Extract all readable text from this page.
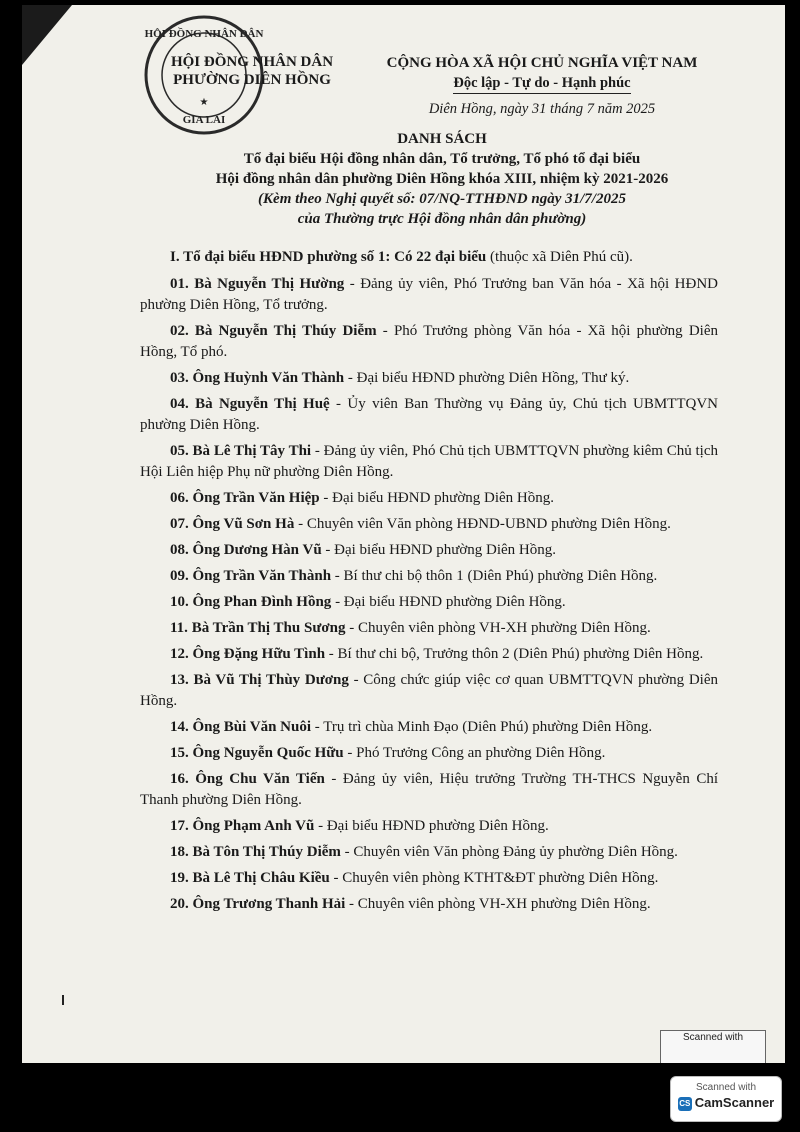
HỘI ĐỒNG NHÂN DÂN
GIA LAI
★
HỘI ĐỒNG NHÂN DÂN
PHƯỜNG DIÊN HỒNG
CỘNG HÒA XÃ HỘI CHỦ NGHĨA VIỆT NAM
Độc lập - Tự do - Hạnh phúc
Diên Hồng, ngày 31 tháng 7 năm 2025
DANH SÁCH
Tổ đại biểu Hội đồng nhân dân, Tổ trưởng, Tổ phó tổ đại biểu
Hội đồng nhân dân phường Diên Hồng khóa XIII, nhiệm kỳ 2021-2026
(Kèm theo Nghị quyết số: 07/NQ-TTHĐND ngày 31/7/2025
của Thường trực Hội đồng nhân dân phường)

I. Tổ đại biểu HĐND phường số 1: Có 22 đại biểu (thuộc xã Diên Phú cũ).

01. Bà Nguyễn Thị Hường - Đảng ủy viên, Phó Trưởng ban Văn hóa - Xã hội HĐND phường Diên Hồng, Tổ trưởng.

02. Bà Nguyễn Thị Thúy Diễm - Phó Trưởng phòng Văn hóa - Xã hội phường Diên Hồng, Tổ phó.

03. Ông Huỳnh Văn Thành - Đại biểu HĐND phường Diên Hồng, Thư ký.

04. Bà Nguyễn Thị Huệ - Ủy viên Ban Thường vụ Đảng ủy, Chủ tịch UBMTTQVN phường Diên Hồng.

05. Bà Lê Thị Tây Thi - Đảng ủy viên, Phó Chủ tịch UBMTTQVN phường kiêm Chủ tịch Hội Liên hiệp Phụ nữ phường Diên Hồng.

06. Ông Trần Văn Hiệp - Đại biểu HĐND phường Diên Hồng.

07. Ông Vũ Sơn Hà - Chuyên viên Văn phòng HĐND-UBND phường Diên Hồng.

08. Ông Dương Hàn Vũ - Đại biểu HĐND phường Diên Hồng.

09. Ông Trần Văn Thành - Bí thư chi bộ thôn 1 (Diên Phú) phường Diên Hồng.

10. Ông Phan Đình Hồng - Đại biểu HĐND phường Diên Hồng.

11. Bà Trần Thị Thu Sương - Chuyên viên phòng VH-XH phường Diên Hồng.

12. Ông Đặng Hữu Tình - Bí thư chi bộ, Trưởng thôn 2 (Diên Phú) phường Diên Hồng.

13. Bà Vũ Thị Thùy Dương - Công chức giúp việc cơ quan UBMTTQVN phường Diên Hồng.

14. Ông Bùi Văn Nuôi - Trụ trì chùa Minh Đạo (Diên Phú) phường Diên Hồng.

15. Ông Nguyễn Quốc Hữu - Phó Trưởng Công an phường Diên Hồng.

16. Ông Chu Văn Tiến - Đảng ủy viên, Hiệu trưởng Trường TH-THCS Nguyễn Chí Thanh phường Diên Hồng.

17. Ông Phạm Anh Vũ - Đại biểu HĐND phường Diên Hồng.

18. Bà Tôn Thị Thúy Diễm - Chuyên viên Văn phòng Đảng ủy phường Diên Hồng.

19. Bà Lê Thị Châu Kiều - Chuyên viên phòng KTHT&ĐT phường Diên Hồng.

20. Ông Trương Thanh Hải - Chuyên viên phòng VH-XH phường Diên Hồng.

Scanned with
Scanned with
CS CamScanner
